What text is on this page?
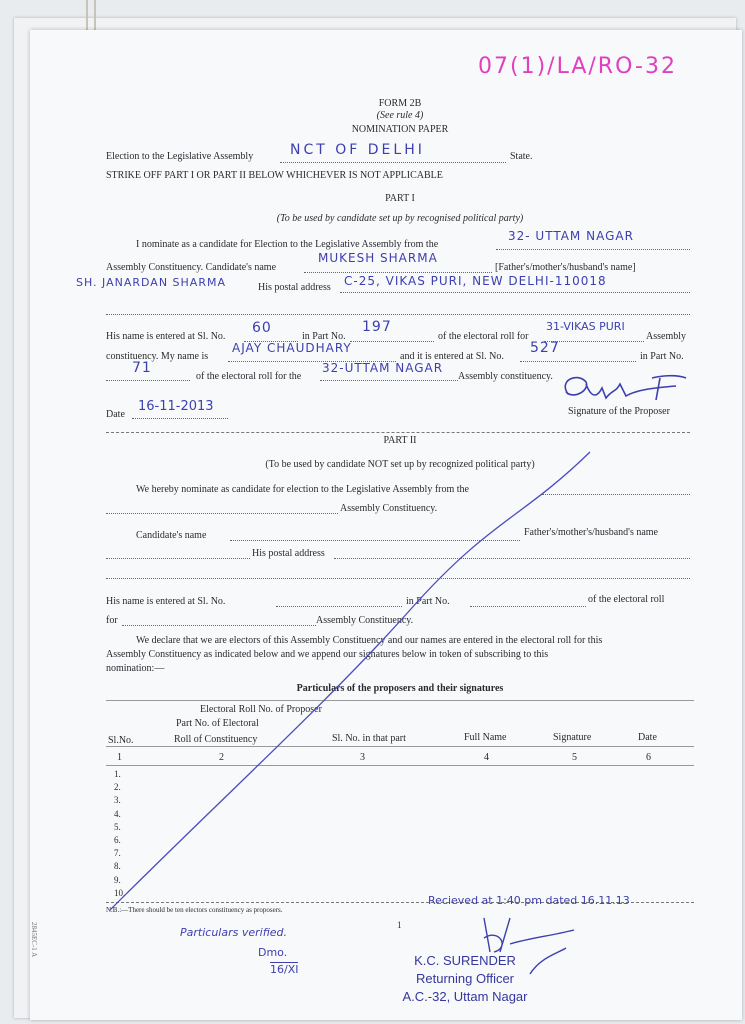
07(1)/LA/RO-32
FORM 2B
(See rule 4)
NOMINATION PAPER
Election to the Legislative Assembly	NCT OF DELHI	State.
STRIKE OFF PART I OR PART II BELOW WHICHEVER IS NOT APPLICABLE
PART I
(To be used by candidate set up by recognised political party)
I nominate as a candidate for Election to the Legislative Assembly from the
32- UTTAM NAGAR
Assembly Constituency. Candidate's name
MUKESH SHARMA
[Father's/mother's/husband's name]
SH. JANARDAN SHARMA	His postal address C-25, VIKAS PURI, NEW DELHI-110018
His name is entered at Sl. No.
60
in Part No.
197
of the electoral roll for
31-VIKAS PURI
Assembly
constituency. My name is
AJAY CHAUDHARY
and it is entered at Sl. No.
527
in Part No.
71
of the electoral roll for the
32-UTTAM NAGAR
Assembly constituency.
Date
16-11-2013	Signature of the Proposer
PART II
(To be used by candidate NOT set up by recognized political party)
We hereby nominate as candidate for election to the Legislative Assembly from the
Assembly Constituency.
Candidate's name	Father's/mother's/husband's name
His postal address
His name is entered at Sl. No.	in Part No.	of the electoral roll
for	Assembly Constituency.
We declare that we are electors of this Assembly Constituency and our names are entered in the electoral roll for this
Assembly Constituency as indicated below and we append our signatures below in token of subscribing to this
nomination:—
Particulars of the proposers and their signatures
Electoral Roll No. of Proposer
Sl.No.
Part No. of Electoral
Roll of Constituency	Sl. No. in that part	Full Name	Signature	Date
1	2	3	4	5	6
1.
2.
3.
4.
5.
6.
7.
8.
9.
10.
N.B.:—There should be ten electors constituency as proposers.
1
Recieved at 1:40 pm dated 16.11.13
Particulars verified.
Dmo.
16/XI
K.C. SURENDER
Returning Officer
A.C.-32, Uttam Nagar
2845EC-1 A
